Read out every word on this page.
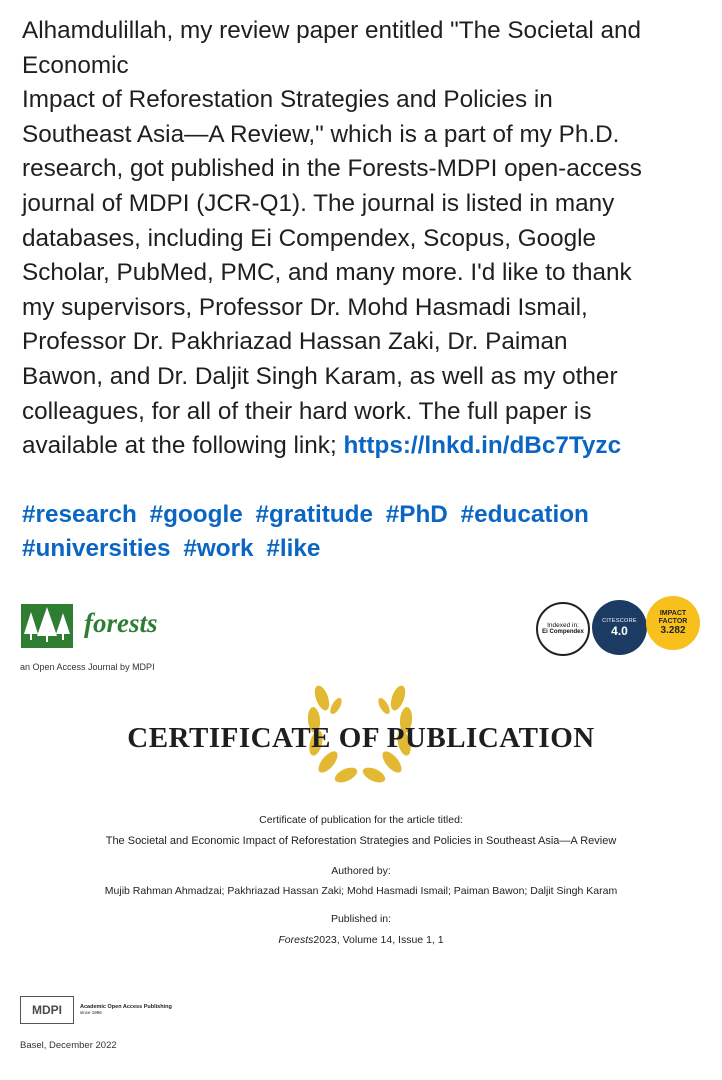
Alhamdulillah, my review paper entitled "The Societal and

Economic

Impact of Reforestation Strategies and Policies in

Southeast Asia—A Review," which is a part of my Ph.D.

research, got published in the Forests-MDPI open-access

journal of MDPI (JCR-Q1). The journal is listed in many

databases, including Ei Compendex, Scopus, Google

Scholar, PubMed, PMC, and many more. I'd like to thank

my supervisors, Professor Dr. Mohd Hasmadi Ismail,

Professor Dr. Pakhriazad Hassan Zaki, Dr. Paiman

Bawon, and Dr. Daljit Singh Karam, as well as my other

colleagues, for all of their hard work. The full paper is

available at the following link; https://lnkd.in/dBc7Tyzc

#research #google #gratitude #PhD #education
#universities #work #like

forests
an Open Access Journal by MDPI
Indexed in:
Ei Compendex
CITESCORE
4.0
IMPACT
FACTOR
3.282
CERTIFICATE OF PUBLICATION
Certificate of publication for the article titled:
The Societal and Economic Impact of Reforestation Strategies and Policies in Southeast Asia—A Review
Authored by:
Mujib Rahman Ahmadzai; Pakhriazad Hassan Zaki; Mohd Hasmadi Ismail; Paiman Bawon; Daljit Singh Karam
Published in:
Forests2023, Volume 14, Issue 1, 1
MDPI	Academic Open Access Publishing
since 1996
Basel, December 2022
